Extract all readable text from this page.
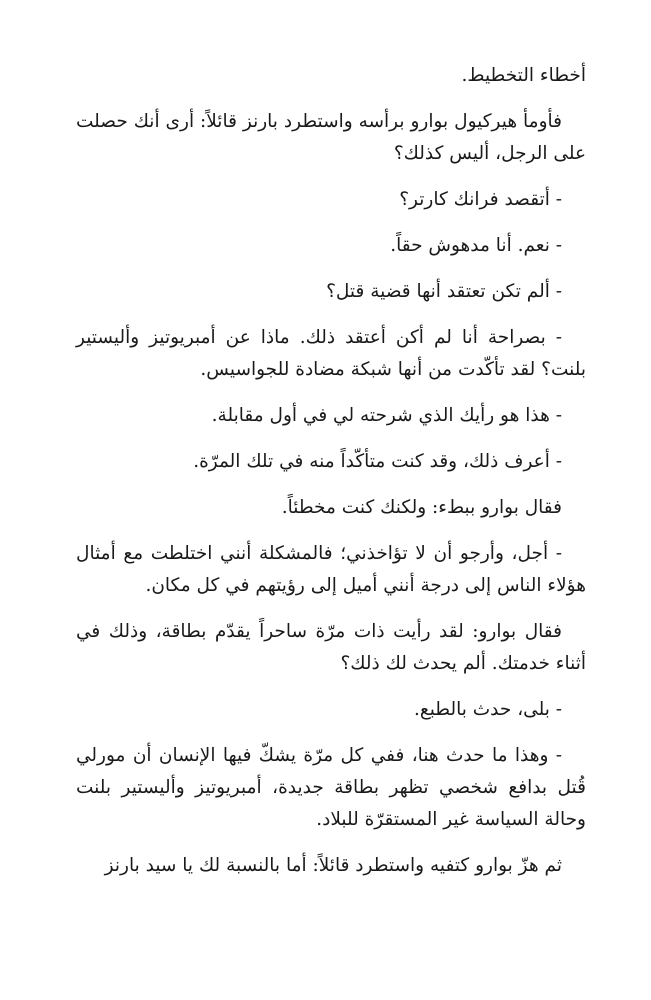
أخطاء التخطيط.

فأومأ هيركيول بوارو برأسه واستطرد بارنز قائلاً: أرى أنك حصلت على الرجل، أليس كذلك؟

- أتقصد فرانك كارتر؟

- نعم. أنا مدهوش حقاً.

- ألم تكن تعتقد أنها قضية قتل؟

- بصراحة أنا لم أكن أعتقد ذلك. ماذا عن أمبريوتيز وأليستير بلنت؟ لقد تأكّدت من أنها شبكة مضادة للجواسيس.

- هذا هو رأيك الذي شرحته لي في أول مقابلة.

- أعرف ذلك، وقد كنت متأكّداً منه في تلك المرّة.

فقال بوارو ببطء: ولكنك كنت مخطئاً.

- أجل، وأرجو أن لا تؤاخذني؛ فالمشكلة أنني اختلطت مع أمثال هؤلاء الناس إلى درجة أنني أميل إلى رؤيتهم في كل مكان.

فقال بوارو: لقد رأيت ذات مرّة ساحراً يقدّم بطاقة، وذلك في أثناء خدمتك. ألم يحدث لك ذلك؟

- بلى، حدث بالطبع.

- وهذا ما حدث هنا، ففي كل مرّة يشكّ فيها الإنسان أن مورلي قُتل بدافع شخصي تظهر بطاقة جديدة، أمبريوتيز وأليستير بلنت وحالة السياسة غير المستقرّة للبلاد.

ثم هزّ بوارو كتفيه واستطرد قائلاً: أما بالنسبة لك يا سيد بارنز
